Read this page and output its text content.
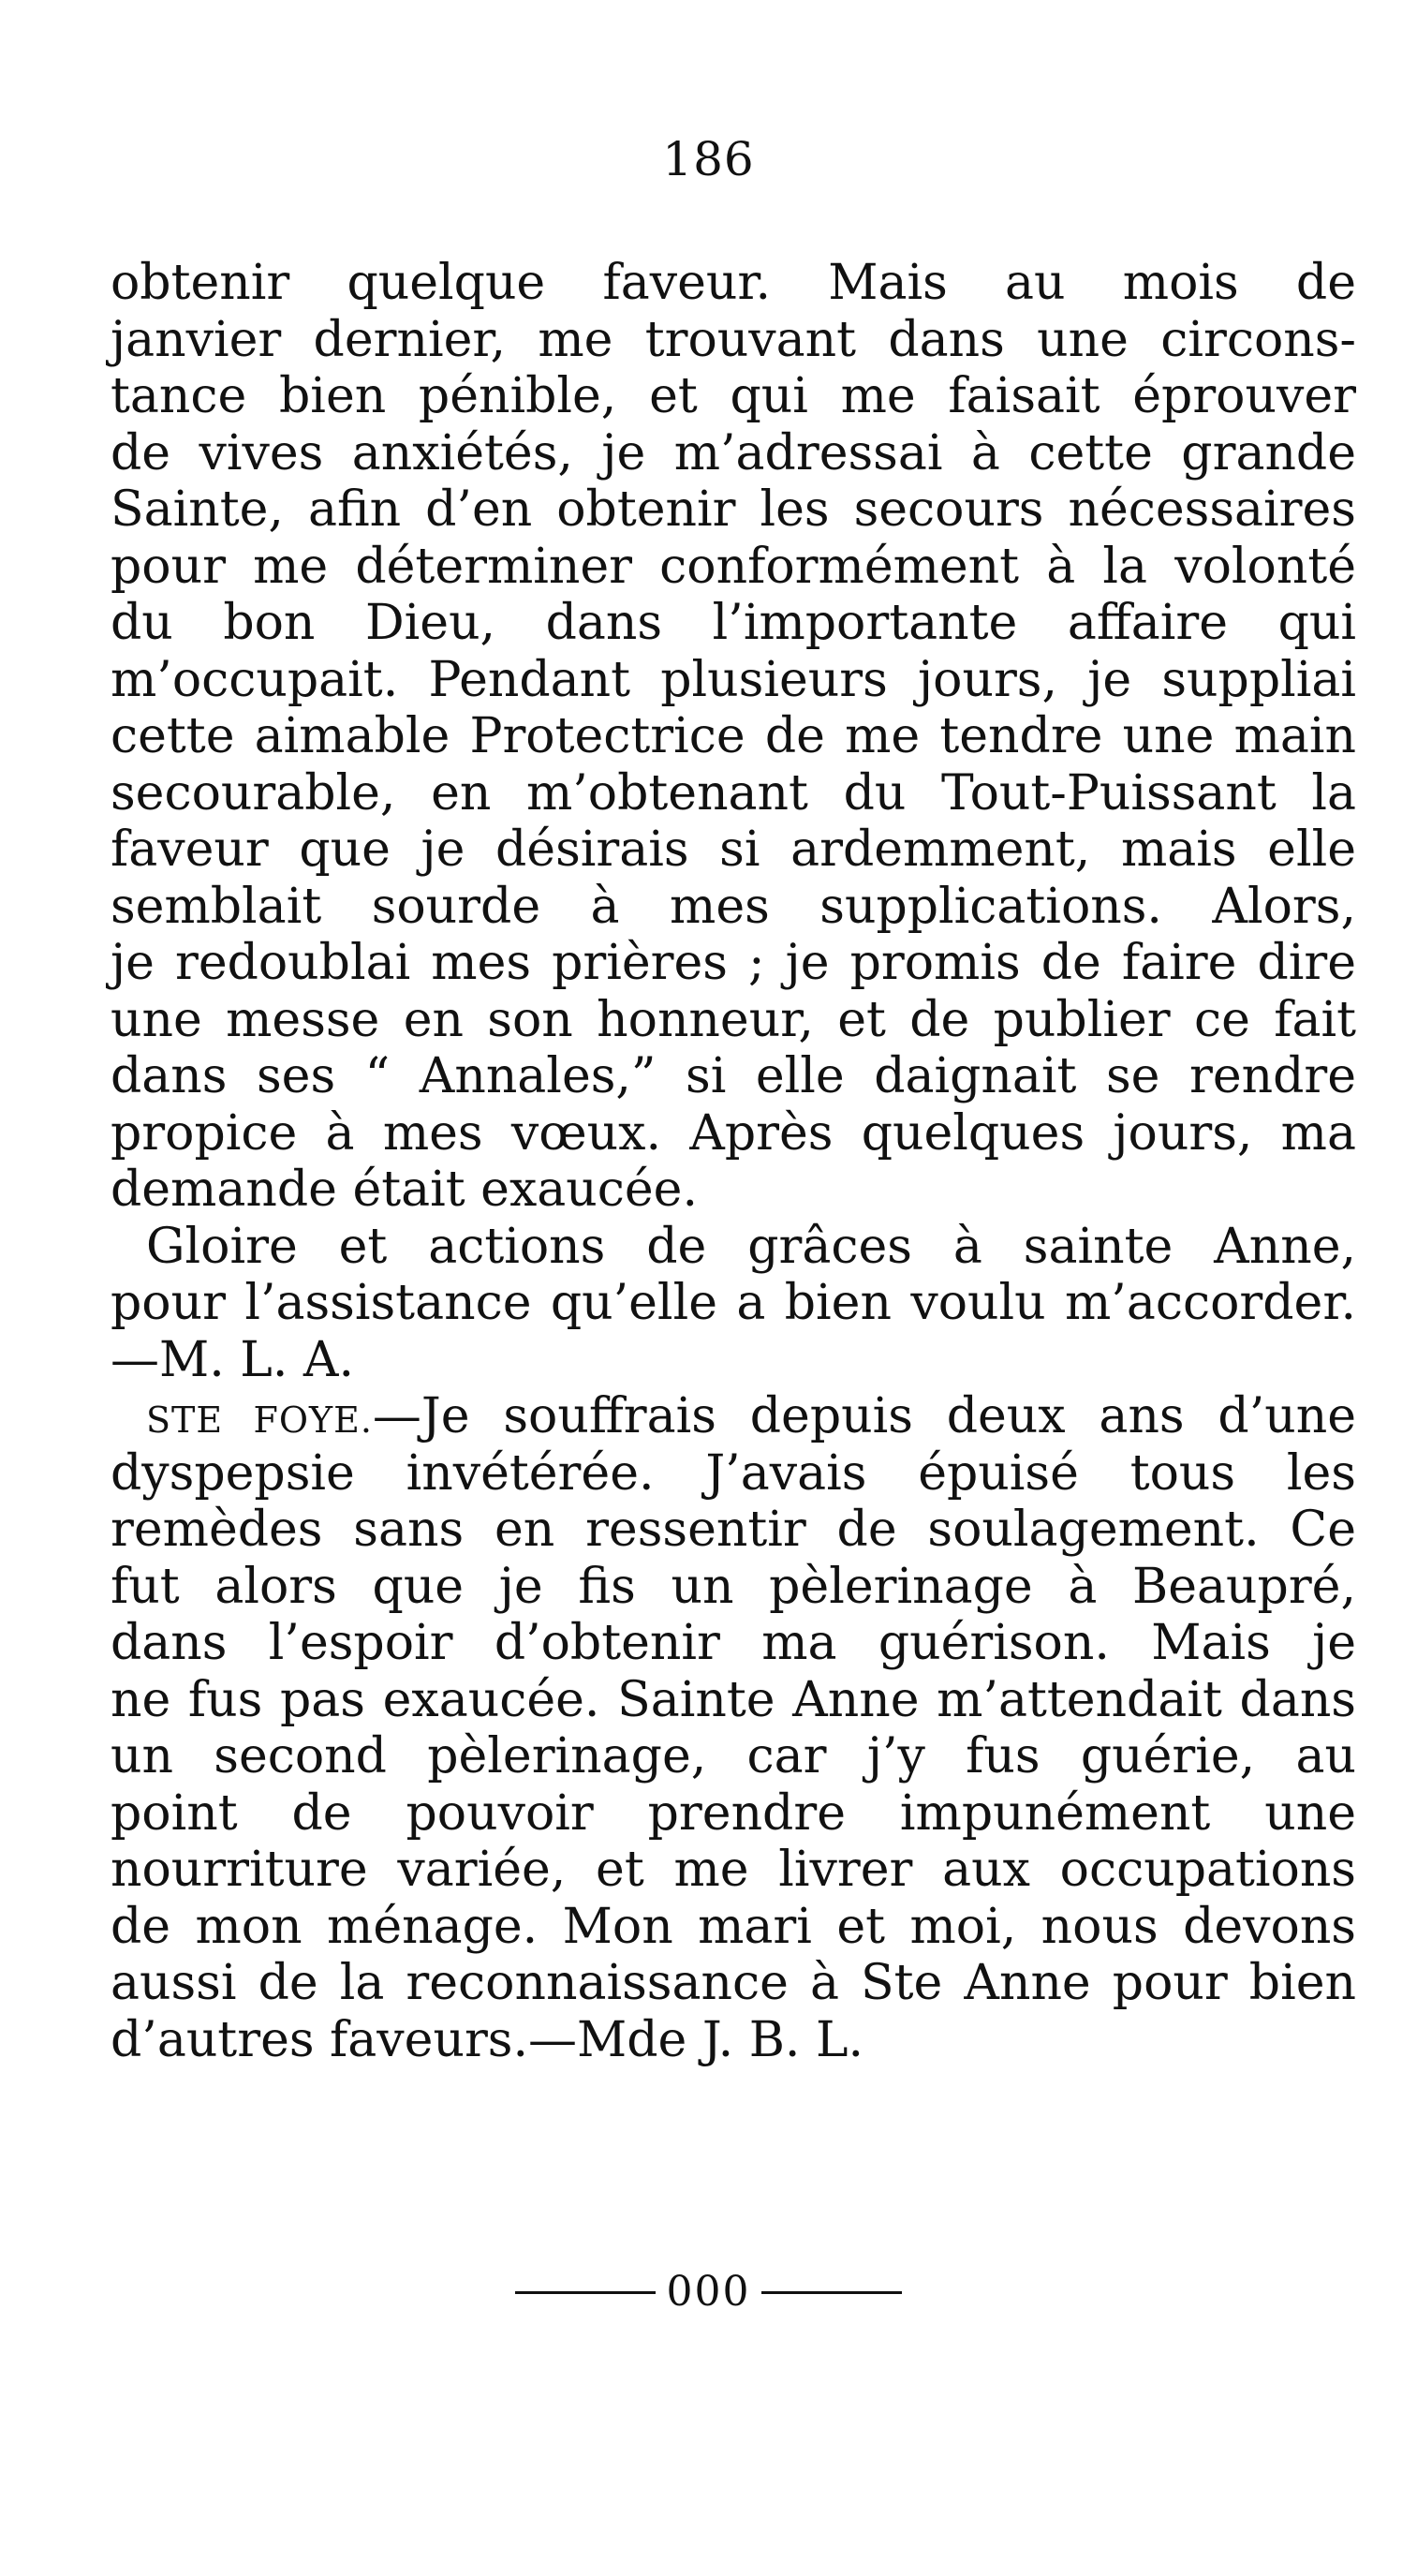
186
obtenir quelque faveur. Mais au mois de
janvier dernier, me trouvant dans une circons-
tance bien pénible, et qui me faisait éprouver
de vives anxiétés, je m’adressai à cette grande
Sainte, afin d’en obtenir les secours nécessaires
pour me déterminer conformément à la volonté
du bon Dieu, dans l’importante affaire qui
m’occupait. Pendant plusieurs jours, je suppliai
cette aimable Protectrice de me tendre une main
secourable, en m’obtenant du Tout-Puissant la
faveur que je désirais si ardemment, mais elle
semblait sourde à mes supplications. Alors,
je redoublai mes prières ; je promis de faire dire
une messe en son honneur, et de publier ce fait
dans ses “ Annales,” si elle daignait se rendre
propice à mes vœux. Après quelques jours, ma
demande était exaucée.
Gloire et actions de grâces à sainte Anne,
pour l’assistance qu’elle a bien voulu m’accorder.
—M. L. A.
STE FOYE.—Je souffrais depuis deux ans d’une
dyspepsie invétérée. J’avais épuisé tous les
remèdes sans en ressentir de soulagement. Ce
fut alors que je fis un pèlerinage à Beaupré,
dans l’espoir d’obtenir ma guérison. Mais je
ne fus pas exaucée. Sainte Anne m’attendait dans
un second pèlerinage, car j’y fus guérie, au
point de pouvoir prendre impunément une
nourriture variée, et me livrer aux occupations
de mon ménage. Mon mari et moi, nous devons
aussi de la reconnaissance à Ste Anne pour bien
d’autres faveurs.—Mde J. B. L.
000
